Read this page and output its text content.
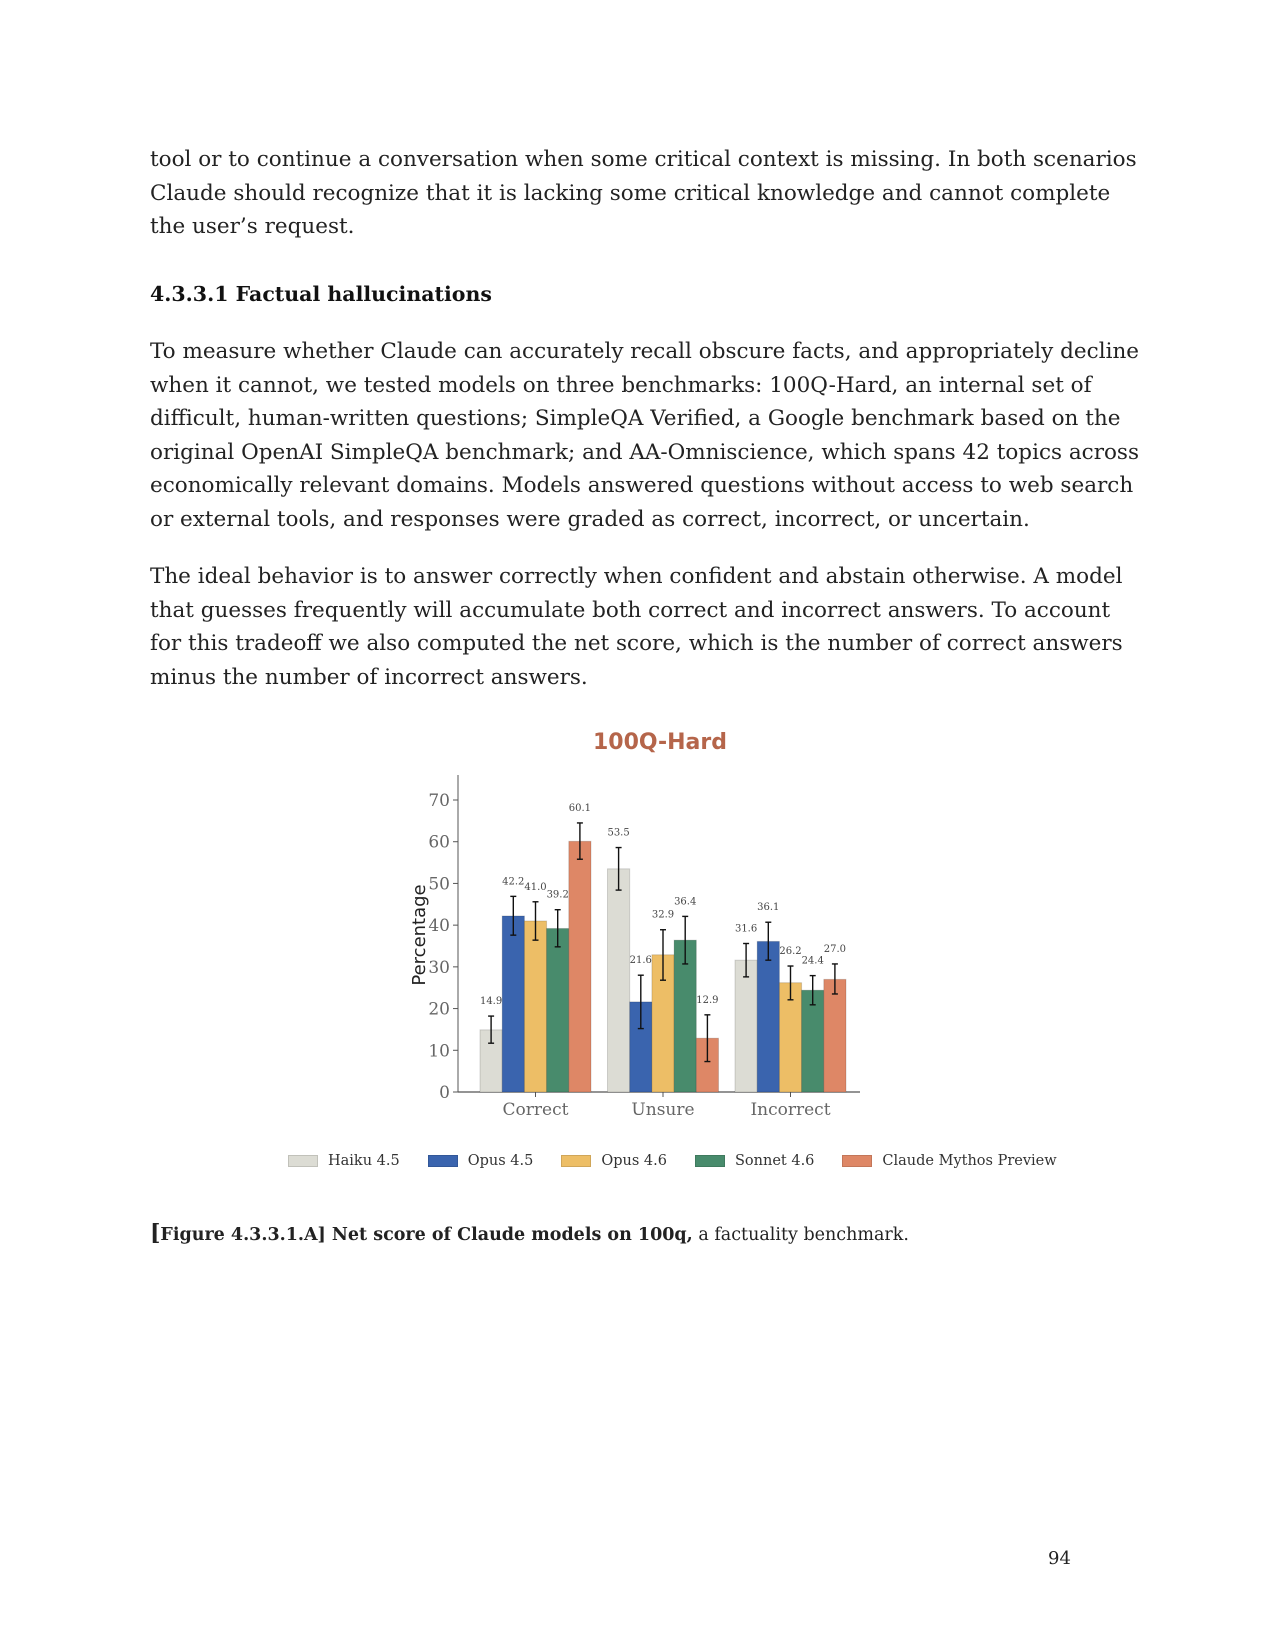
tool or to continue a conversation when some critical context is missing. In both scenarios Claude should recognize that it is lacking some critical knowledge and cannot complete the user’s request.

4.3.3.1 Factual hallucinations

To measure whether Claude can accurately recall obscure facts, and appropriately decline when it cannot, we tested models on three benchmarks: 100Q-Hard, an internal set of difficult, human-written questions; SimpleQA Verified, a Google benchmark based on the original OpenAI SimpleQA benchmark; and AA-Omniscience, which spans 42 topics across economically relevant domains. Models answered questions without access to web search or external tools, and responses were graded as correct, incorrect, or uncertain.

The ideal behavior is to answer correctly when confident and abstain otherwise. A model that guesses frequently will accumulate both correct and incorrect answers. To account for this tradeoff we also computed the net score, which is the number of correct answers minus the number of incorrect answers.

100Q-Hard
Percentage
0
10
20
30
40
50
60
70
Correct	Unsure	Incorrect
14.9
42.2 41.0
39.2
60.1
53.5
21.6
32.9
36.4
12.9
31.6
36.1
26.2
24.4
27.0
Haiku 4.5	Opus 4.5	Opus 4.6	Sonnet 4.6	Claude Mythos Preview

[Figure 4.3.3.1.A] Net score of Claude models on 100q, a factuality benchmark.

94
